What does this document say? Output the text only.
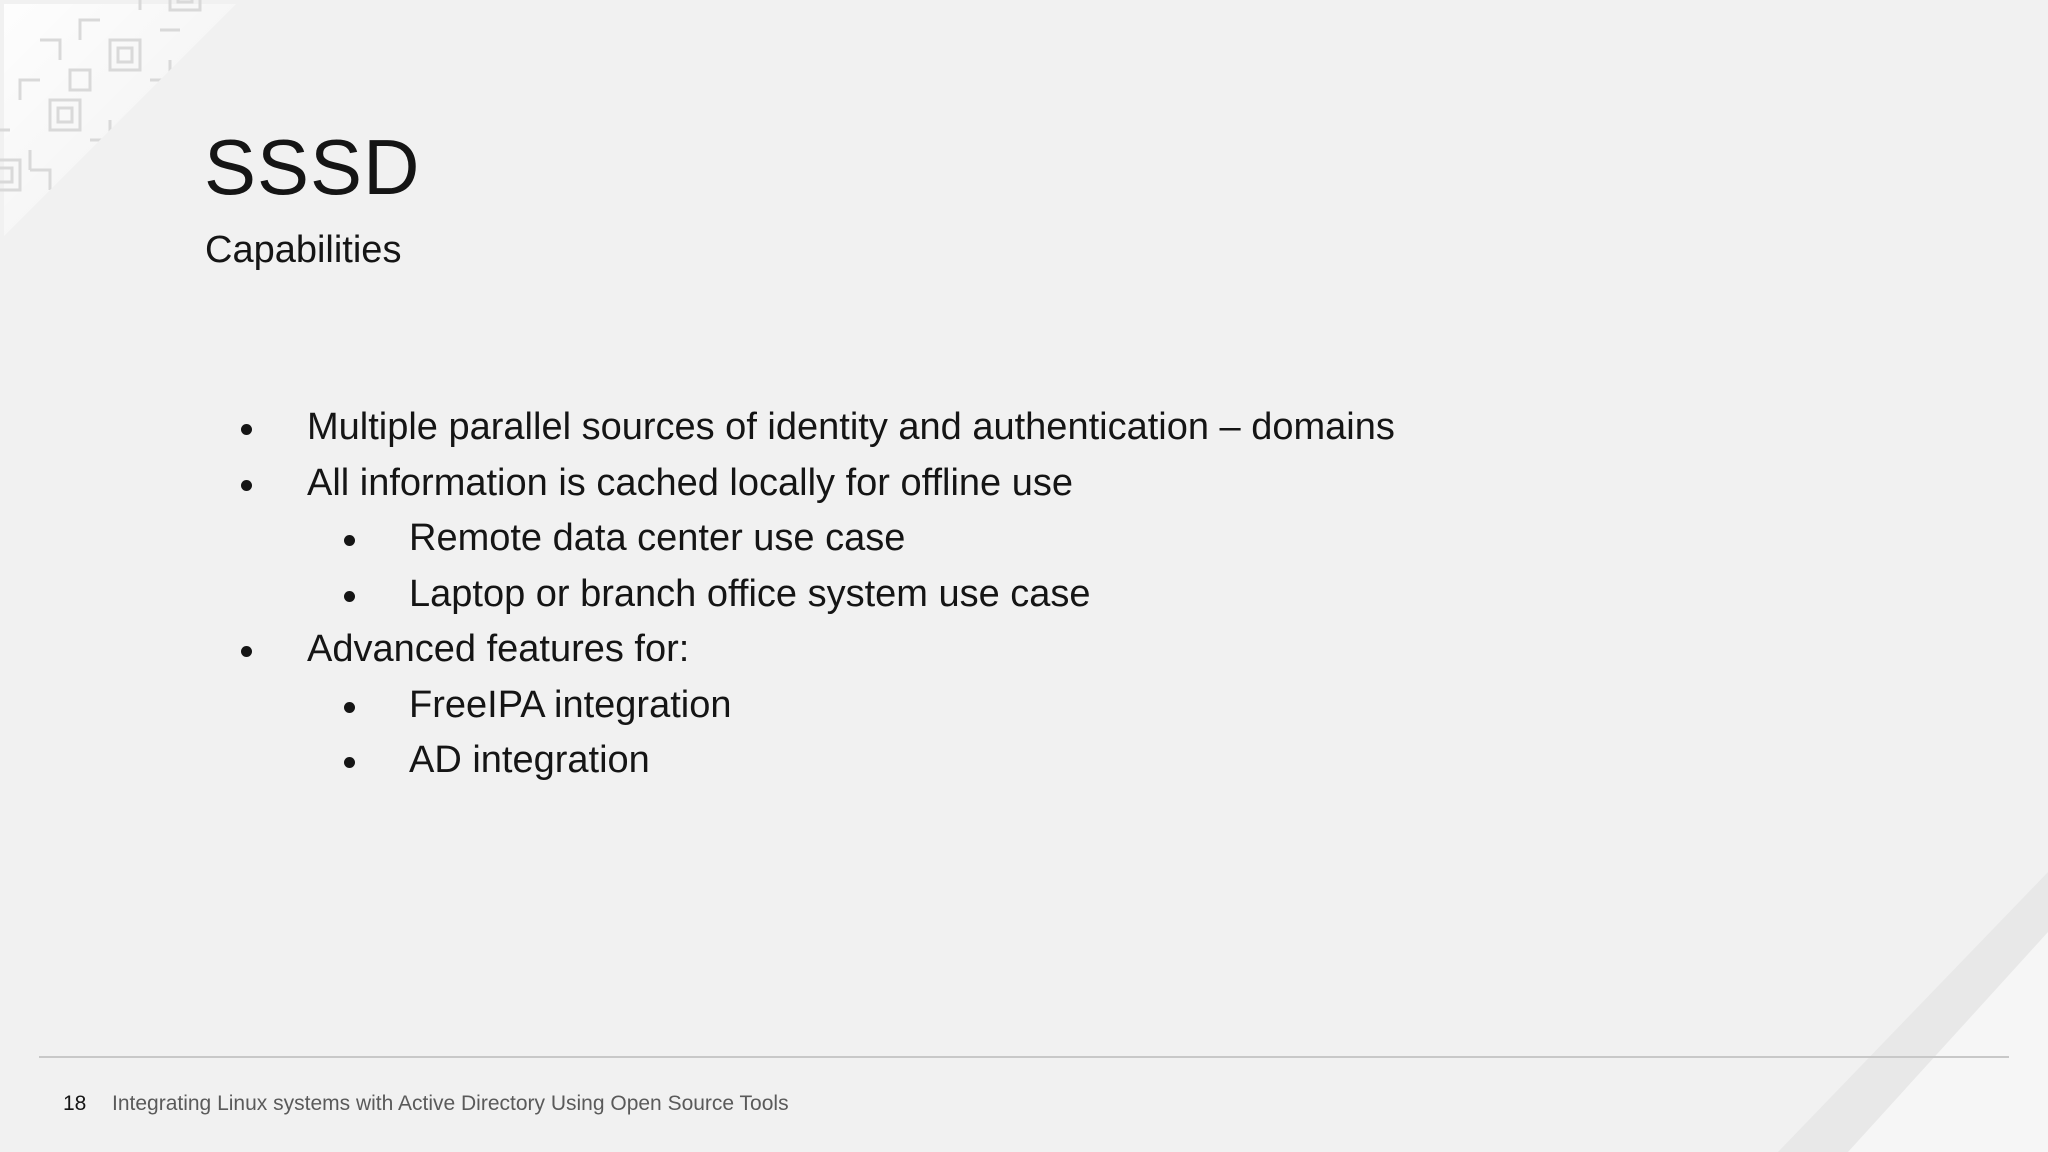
SSSD
Capabilities
Multiple parallel sources of identity and authentication – domains
All information is cached locally for offline use
Remote data center use case
Laptop or branch office system use case
Advanced features for:
FreeIPA integration
AD integration
18 Integrating Linux systems with Active Directory Using Open Source Tools
